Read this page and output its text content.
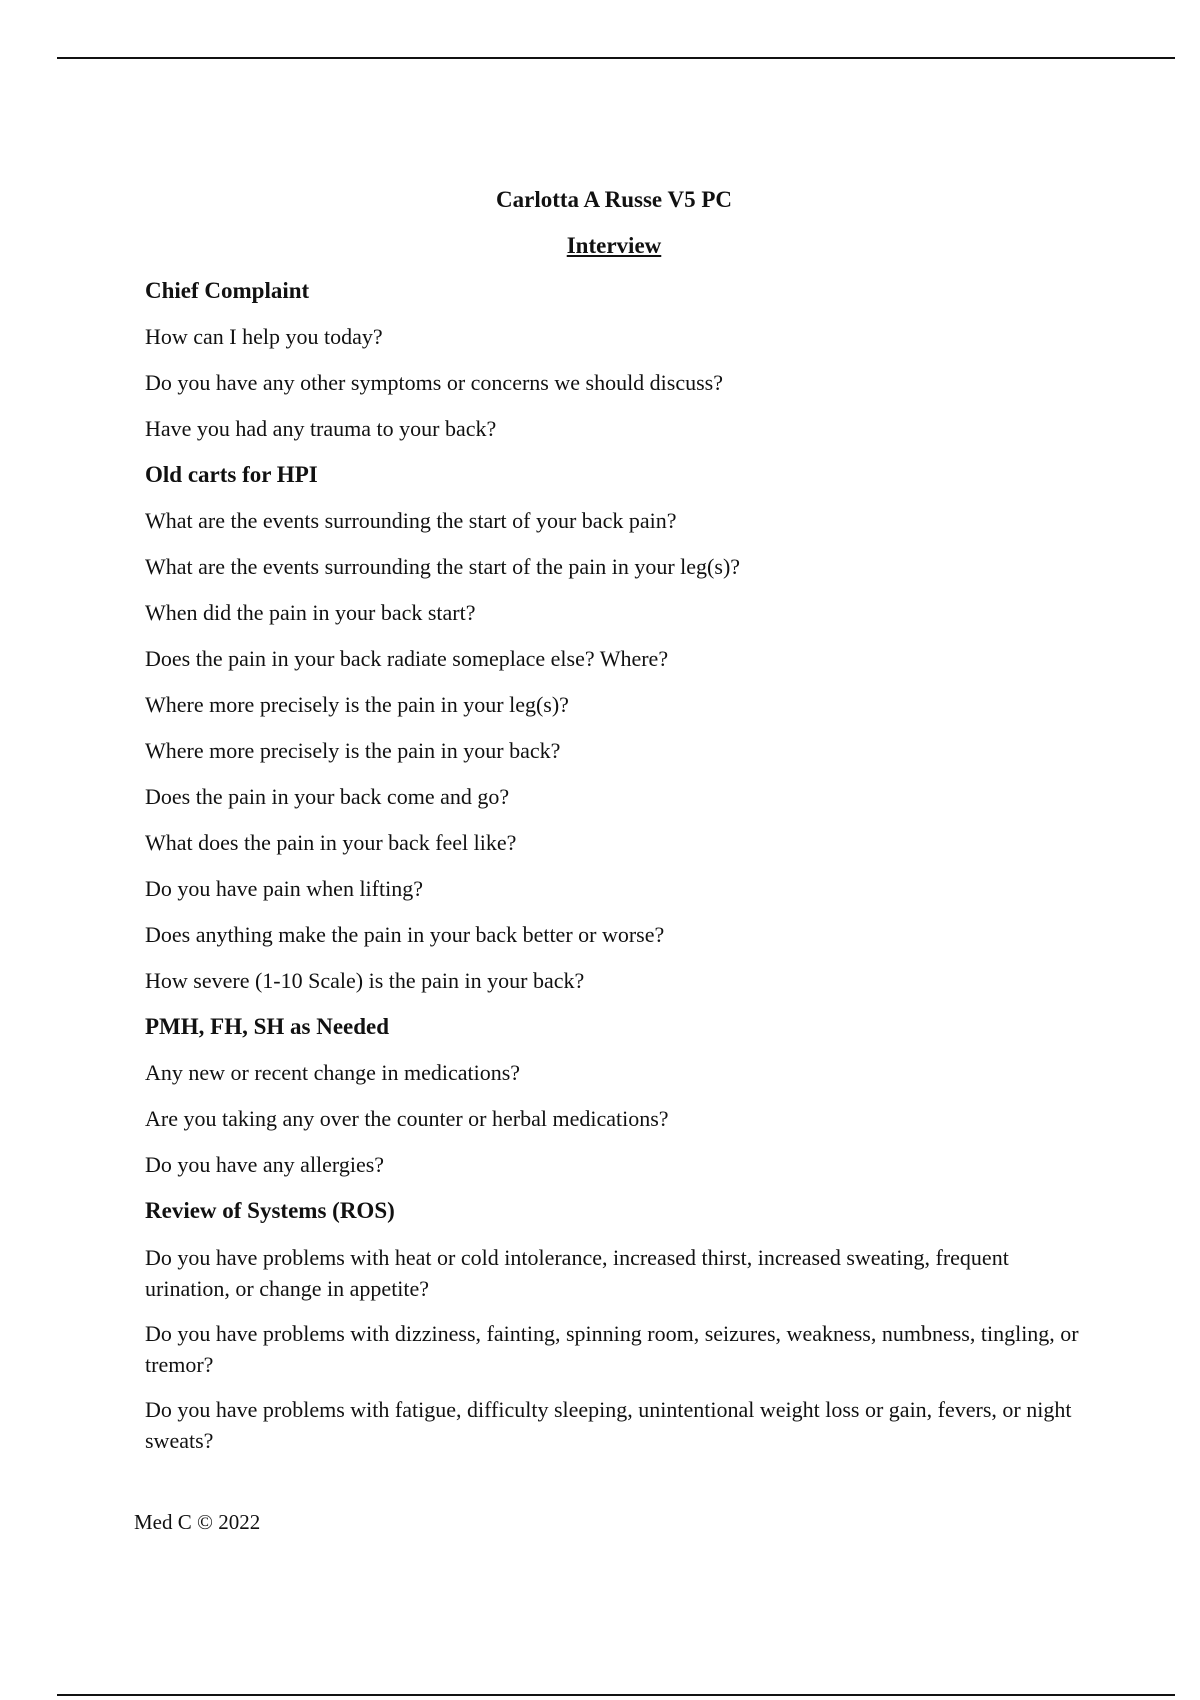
Carlotta A Russe V5 PC
Interview
Chief Complaint
How can I help you today?
Do you have any other symptoms or concerns we should discuss?
Have you had any trauma to your back?
Old carts for HPI
What are the events surrounding the start of your back pain?
What are the events surrounding the start of the pain in your leg(s)?
When did the pain in your back start?
Does the pain in your back radiate someplace else? Where?
Where more precisely is the pain in your leg(s)?
Where more precisely is the pain in your back?
Does the pain in your back come and go?
What does the pain in your back feel like?
Do you have pain when lifting?
Does anything make the pain in your back better or worse?
How severe (1-10 Scale) is the pain in your back?
PMH, FH, SH as Needed
Any new or recent change in medications?
Are you taking any over the counter or herbal medications?
Do you have any allergies?
Review of Systems (ROS)
Do you have problems with heat or cold intolerance, increased thirst, increased sweating, frequent urination, or change in appetite?
Do you have problems with dizziness, fainting, spinning room, seizures, weakness, numbness, tingling, or tremor?
Do you have problems with fatigue, difficulty sleeping, unintentional weight loss or gain, fevers, or night sweats?
Med C © 2022
